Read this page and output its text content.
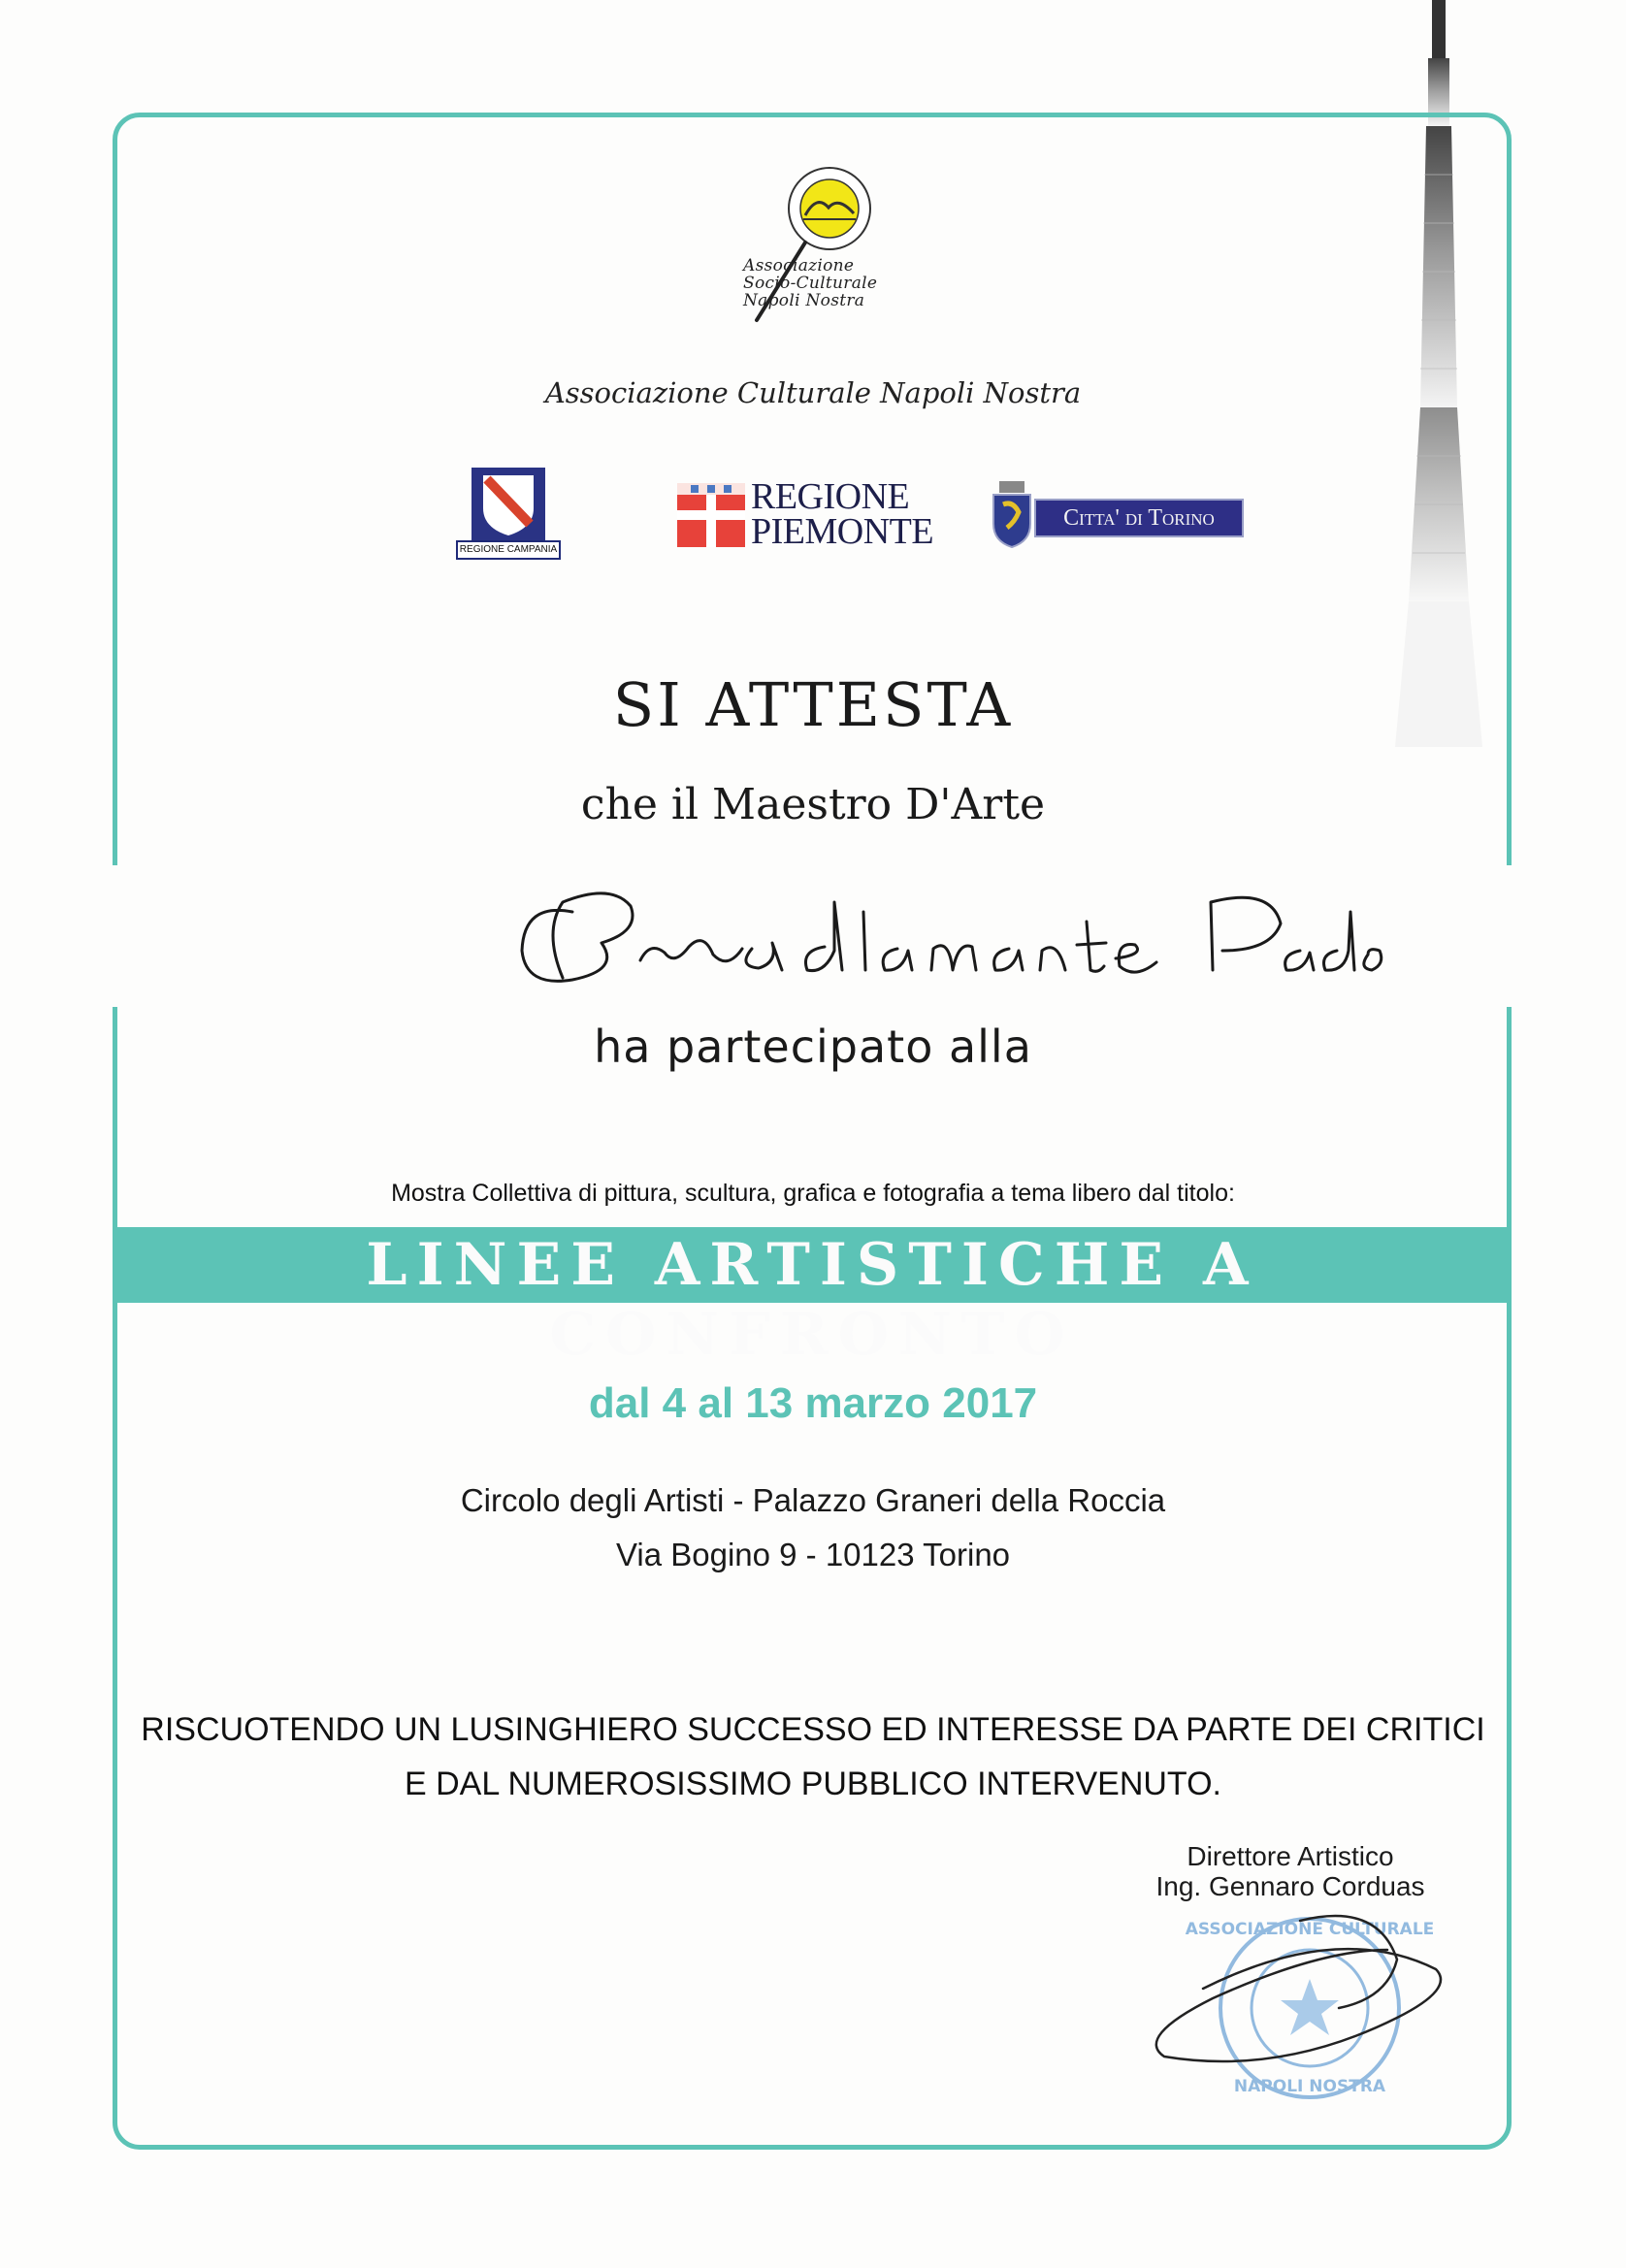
Associazione
Socio-Culturale
Napoli Nostra
Associazione Culturale Napoli Nostra
REGIONE CAMPANIA
REGIONE
PIEMONTE	Citta' di Torino
SI ATTESTA
che il Maestro D'Arte
ha partecipato alla
Mostra Collettiva di pittura, scultura, grafica e fotografia a tema libero dal titolo:
LINEE ARTISTICHE A CONFRONTO
dal 4 al 13 marzo 2017
Circolo degli Artisti - Palazzo Graneri della Roccia
Via Bogino 9 - 10123 Torino
RISCUOTENDO UN LUSINGHIERO SUCCESSO ED INTERESSE DA PARTE DEI CRITICI
E DAL NUMEROSISSIMO PUBBLICO INTERVENUTO.
Direttore Artistico
Ing. Gennaro Corduas
ASSOCIAZIONE CULTURALE
NAPOLI NOSTRA
